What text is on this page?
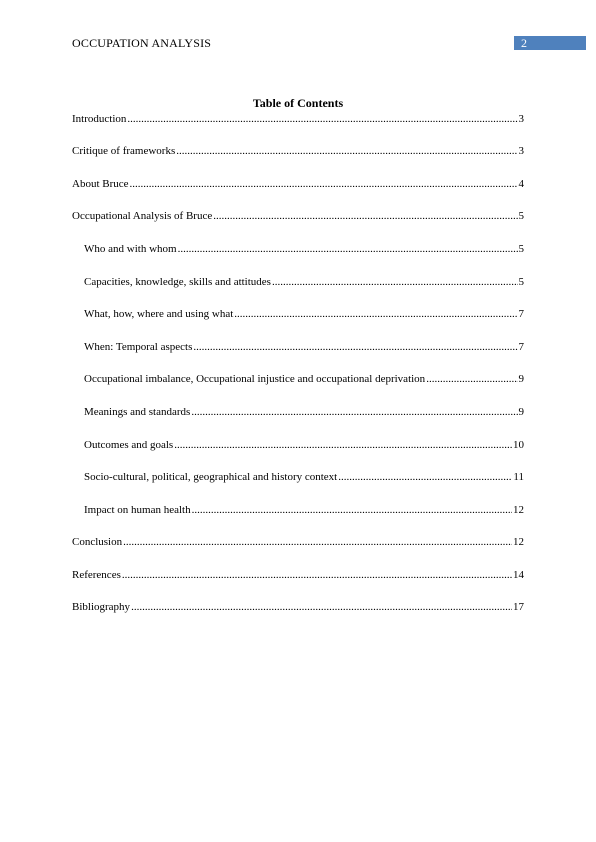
OCCUPATION ANALYSIS	2
Table of Contents
Introduction .....	3
Critique of frameworks .....	3
About Bruce .....	4
Occupational Analysis of Bruce .....	5
Who and with whom .....	5
Capacities, knowledge, skills and attitudes .....	5
What, how, where and using what .....	7
When: Temporal aspects .....	7
Occupational imbalance, Occupational injustice and occupational deprivation .....	9
Meanings and standards .....	9
Outcomes and goals .....	10
Socio-cultural, political, geographical and history context .....	11
Impact on human health .....	12
Conclusion .....	12
References .....	14
Bibliography .....	17
